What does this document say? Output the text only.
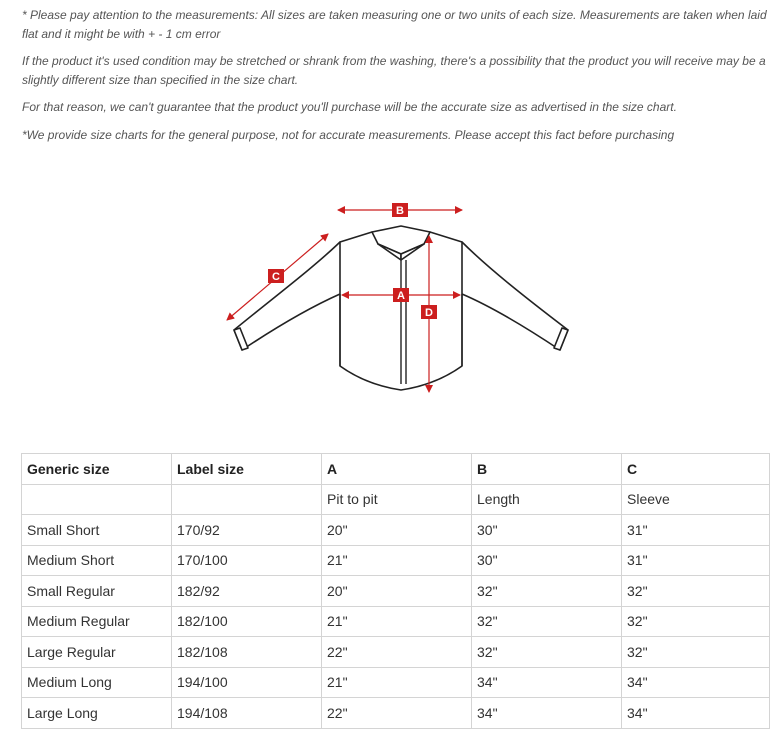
* Please pay attention to the measurements: All sizes are taken measuring one or two units of each size. Measurements are taken when laid flat and it might be with + - 1 cm error

If the product it's used condition may be stretched or shrank from the washing, there's a possibility that the product you will receive may be a slightly different size than specified in the size chart.

For that reason, we can't guarantee that the product you'll purchase will be the accurate size as advertised in the size chart.

*We provide size charts for the general purpose, not for accurate measurements. Please accept this fact before purchasing

B
C
A
D
Generic size	Label size	A	B	C
		Pit to pit	Length	Sleeve
Small Short	170/92	20"	30"	31"
Medium Short	170/100	21"	30"	31"
Small Regular	182/92	20"	32"	32"
Medium Regular	182/100	21"	32"	32"
Large Regular	182/108	22"	32"	32"
Medium Long	194/100	21"	34"	34"
Large Long	194/108	22"	34"	34"
